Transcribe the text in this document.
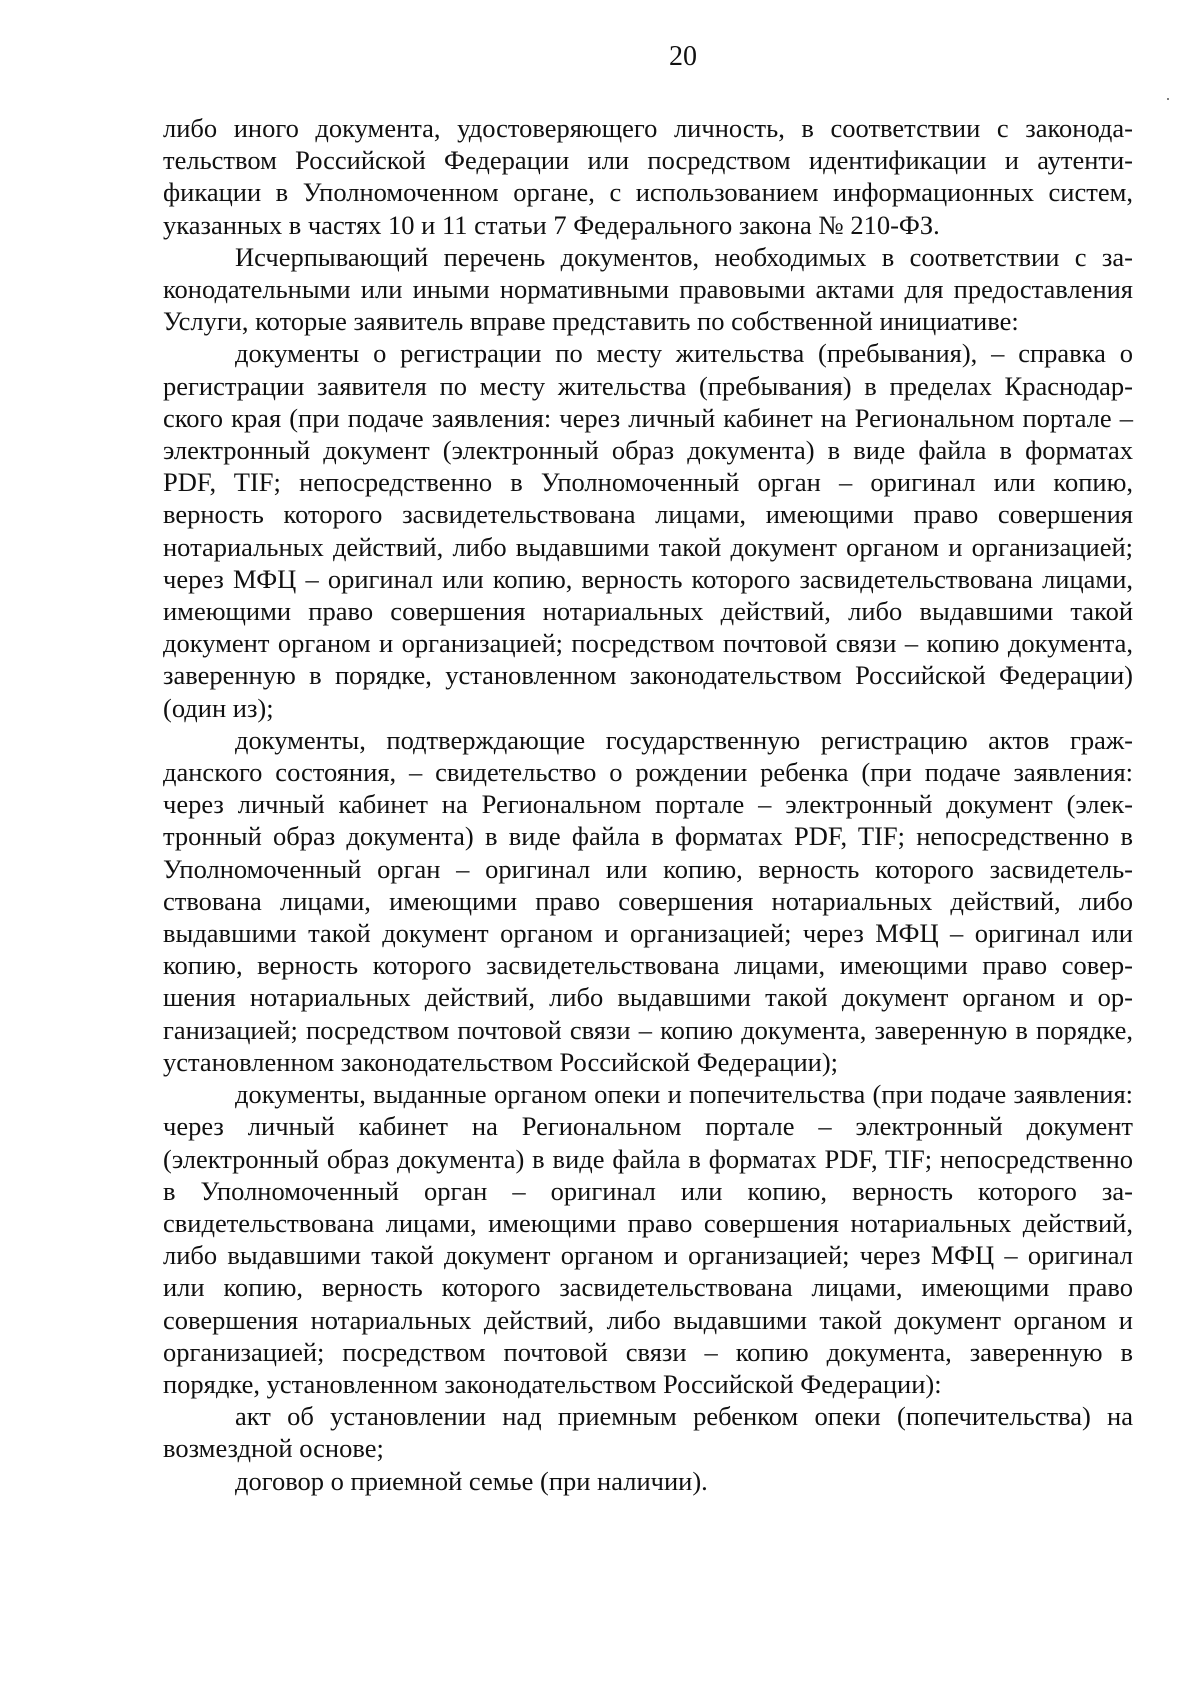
20

либо иного документа, удостоверяющего личность, в соответствии с законодательством Российской Федерации или посредством идентификации и аутентификации в Уполномоченном органе, с использованием информационных систем, указанных в частях 10 и 11 статьи 7 Федерального закона № 210-ФЗ.

Исчерпывающий перечень документов, необходимых в соответствии с законодательными или иными нормативными правовыми актами для предоставления Услуги, которые заявитель вправе представить по собственной инициативе:

документы о регистрации по месту жительства (пребывания), – справка о регистрации заявителя по месту жительства (пребывания) в пределах Краснодарского края (при подаче заявления: через личный кабинет на Региональном портале – электронный документ (электронный образ документа) в виде файла в форматах PDF, TIF; непосредственно в Уполномоченный орган – оригинал или копию, верность которого засвидетельствована лицами, имеющими право совершения нотариальных действий, либо выдавшими такой документ органом и организацией; через МФЦ – оригинал или копию, верность которого засвидетельствована лицами, имеющими право совершения нотариальных действий, либо выдавшими такой документ органом и организацией; посредством почтовой связи – копию документа, заверенную в порядке, установленном законодательством Российской Федерации) (один из);

документы, подтверждающие государственную регистрацию актов гражданского состояния, – свидетельство о рождении ребенка (при подаче заявления: через личный кабинет на Региональном портале – электронный документ (электронный образ документа) в виде файла в форматах PDF, TIF; непосредственно в Уполномоченный орган – оригинал или копию, верность которого засвидетельствована лицами, имеющими право совершения нотариальных действий, либо выдавшими такой документ органом и организацией; через МФЦ – оригинал или копию, верность которого засвидетельствована лицами, имеющими право совершения нотариальных действий, либо выдавшими такой документ органом и организацией; посредством почтовой связи – копию документа, заверенную в порядке, установленном законодательством Российской Федерации);

документы, выданные органом опеки и попечительства (при подаче заявления: через личный кабинет на Региональном портале – электронный документ (электронный образ документа) в виде файла в форматах PDF, TIF; непосредственно в Уполномоченный орган – оригинал или копию, верность которого засвидетельствована лицами, имеющими право совершения нотариальных действий, либо выдавшими такой документ органом и организацией; через МФЦ – оригинал или копию, верность которого засвидетельствована лицами, имеющими право совершения нотариальных действий, либо выдавшими такой документ органом и организацией; посредством почтовой связи – копию документа, заверенную в порядке, установленном законодательством Российской Федерации):

акт об установлении над приемным ребенком опеки (попечительства) на возмездной основе;

договор о приемной семье (при наличии).
